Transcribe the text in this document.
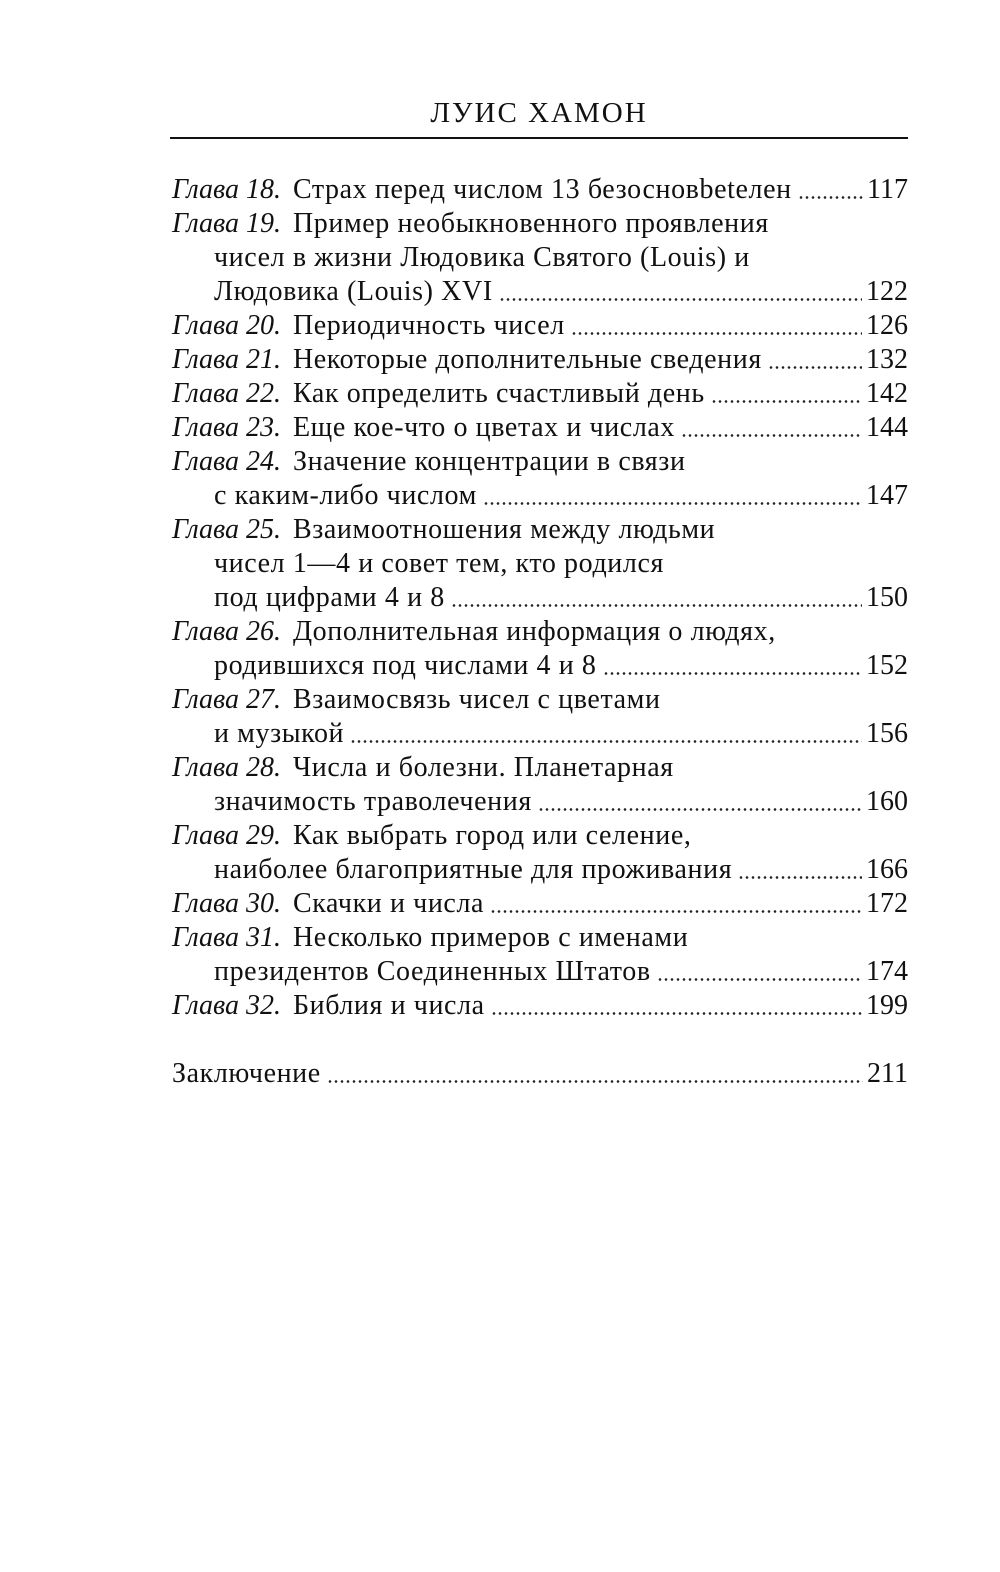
ЛУИС ХАМОН
Глава 18. Страх перед числом 13 безосновbetелен	117
Глава 19. Пример необыкновенного проявления
чисел в жизни Людовика Святого (Louis) и
Людовика (Louis) XVI	122
Глава 20. Периодичность чисел	126
Глава 21. Некоторые дополнительные сведения	132
Глава 22. Как определить счастливый день	142
Глава 23. Еще кое-что о цветах и числах	144
Глава 24. Значение концентрации в связи
с каким-либо числом	147
Глава 25. Взаимоотношения между людьми
чисел 1—4 и совет тем, кто родился
под цифрами 4 и 8	150
Глава 26. Дополнительная информация о людях,
родившихся под числами 4 и 8	152
Глава 27. Взаимосвязь чисел с цветами
и музыкой	156
Глава 28. Числа и болезни. Планетарная
значимость траволечения	160
Глава 29. Как выбрать город или селение,
наиболее благоприятные для проживания	166
Глава 30. Скачки и числа	172
Глава 31. Несколько примеров с именами
президентов Соединенных Штатов	174
Глава 32. Библия и числа	199
Заключение	211
